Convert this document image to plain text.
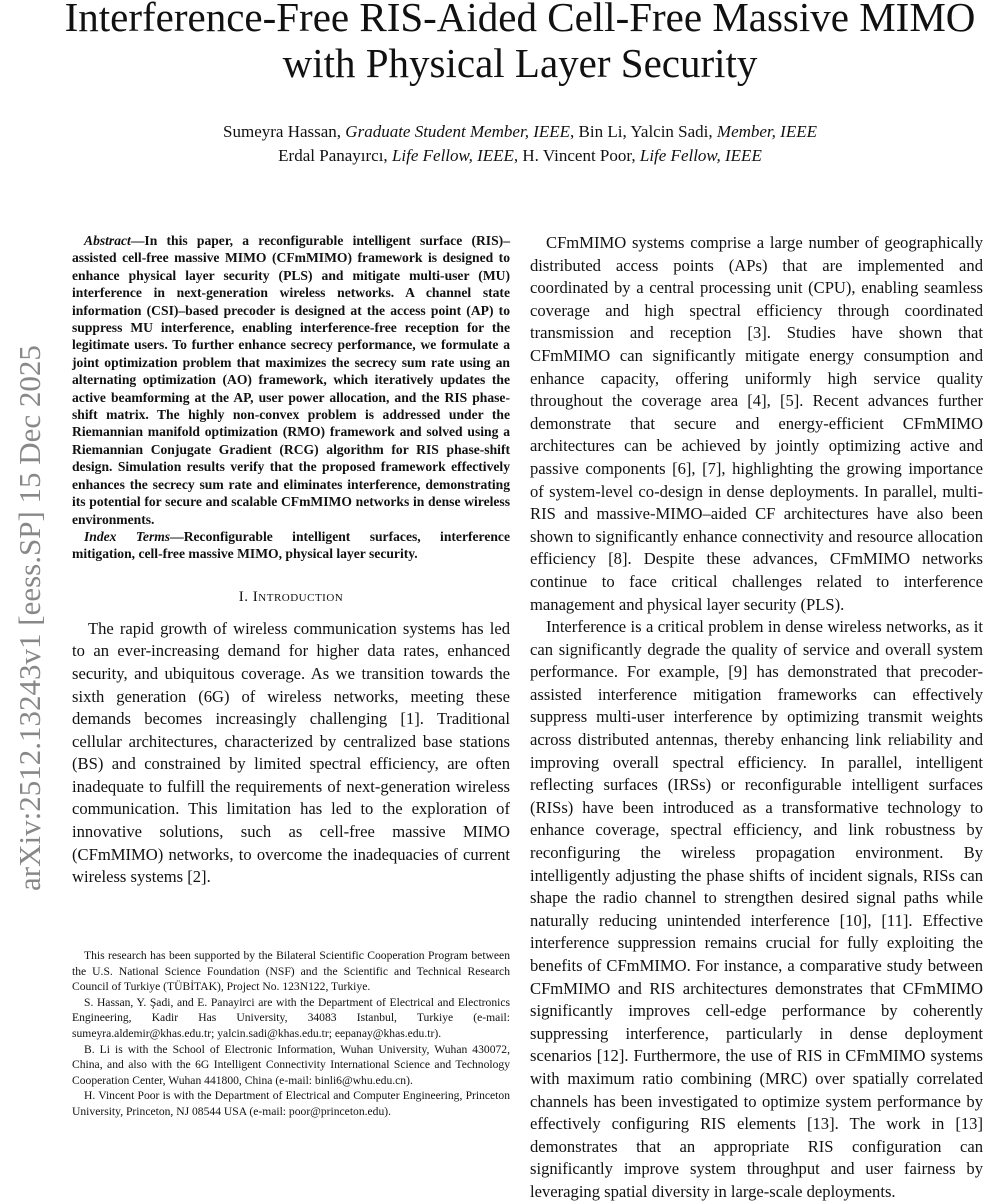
arXiv:2512.13243v1 [eess.SP] 15 Dec 2025
Interference-Free RIS-Aided Cell-Free Massive MIMO with Physical Layer Security
Sumeyra Hassan, Graduate Student Member, IEEE, Bin Li, Yalcin Sadi, Member, IEEE
Erdal Panayırcı, Life Fellow, IEEE, H. Vincent Poor, Life Fellow, IEEE

Abstract—In this paper, a reconfigurable intelligent surface (RIS)–assisted cell-free massive MIMO (CFmMIMO) framework is designed to enhance physical layer security (PLS) and mitigate multi-user (MU) interference in next-generation wireless networks. A channel state information (CSI)–based precoder is designed at the access point (AP) to suppress MU interference, enabling interference-free reception for the legitimate users. To further enhance secrecy performance, we formulate a joint optimization problem that maximizes the secrecy sum rate using an alternating optimization (AO) framework, which iteratively updates the active beamforming at the AP, user power allocation, and the RIS phase-shift matrix. The highly non-convex problem is addressed under the Riemannian manifold optimization (RMO) framework and solved using a Riemannian Conjugate Gradient (RCG) algorithm for RIS phase-shift design. Simulation results verify that the proposed framework effectively enhances the secrecy sum rate and eliminates interference, demonstrating its potential for secure and scalable CFmMIMO networks in dense wireless environments.

Index Terms—Reconfigurable intelligent surfaces, interference mitigation, cell-free massive MIMO, physical layer security.

I. Introduction

The rapid growth of wireless communication systems has led to an ever-increasing demand for higher data rates, enhanced security, and ubiquitous coverage. As we transition towards the sixth generation (6G) of wireless networks, meeting these demands becomes increasingly challenging [1]. Traditional cellular architectures, characterized by centralized base stations (BS) and constrained by limited spectral efficiency, are often inadequate to fulfill the requirements of next-generation wireless communication. This limitation has led to the exploration of innovative solutions, such as cell-free massive MIMO (CFmMIMO) networks, to overcome the inadequacies of current wireless systems [2].

This research has been supported by the Bilateral Scientific Cooperation Program between the U.S. National Science Foundation (NSF) and the Scientific and Technical Research Council of Turkiye (TÜBİTAK), Project No. 123N122, Turkiye.

S. Hassan, Y. Şadi, and E. Panayirci are with the Department of Electrical and Electronics Engineering, Kadir Has University, 34083 Istanbul, Turkiye (e-mail: sumeyra.aldemir@khas.edu.tr; yalcin.sadi@khas.edu.tr; eepanay@khas.edu.tr).

B. Li is with the School of Electronic Information, Wuhan University, Wuhan 430072, China, and also with the 6G Intelligent Connectivity International Science and Technology Cooperation Center, Wuhan 441800, China (e-mail: binli6@whu.edu.cn).

H. Vincent Poor is with the Department of Electrical and Computer Engineering, Princeton University, Princeton, NJ 08544 USA (e-mail: poor@princeton.edu).

CFmMIMO systems comprise a large number of geographically distributed access points (APs) that are implemented and coordinated by a central processing unit (CPU), enabling seamless coverage and high spectral efficiency through coordinated transmission and reception [3]. Studies have shown that CFmMIMO can significantly mitigate energy consumption and enhance capacity, offering uniformly high service quality throughout the coverage area [4], [5]. Recent advances further demonstrate that secure and energy-efficient CFmMIMO architectures can be achieved by jointly optimizing active and passive components [6], [7], highlighting the growing importance of system-level co-design in dense deployments. In parallel, multi-RIS and massive-MIMO–aided CF architectures have also been shown to significantly enhance connectivity and resource allocation efficiency [8]. Despite these advances, CFmMIMO networks continue to face critical challenges related to interference management and physical layer security (PLS).

Interference is a critical problem in dense wireless networks, as it can significantly degrade the quality of service and overall system performance. For example, [9] has demonstrated that precoder-assisted interference mitigation frameworks can effectively suppress multi-user interference by optimizing transmit weights across distributed antennas, thereby enhancing link reliability and improving overall spectral efficiency. In parallel, intelligent reflecting surfaces (IRSs) or reconfigurable intelligent surfaces (RISs) have been introduced as a transformative technology to enhance coverage, spectral efficiency, and link robustness by reconfiguring the wireless propagation environment. By intelligently adjusting the phase shifts of incident signals, RISs can shape the radio channel to strengthen desired signal paths while naturally reducing unintended interference [10], [11]. Effective interference suppression remains crucial for fully exploiting the benefits of CFmMIMO. For instance, a comparative study between CFmMIMO and RIS architectures demonstrates that CFmMIMO significantly improves cell-edge performance by coherently suppressing interference, particularly in dense deployment scenarios [12]. Furthermore, the use of RIS in CFmMIMO systems with maximum ratio combining (MRC) over spatially correlated channels has been investigated to optimize system performance by effectively configuring RIS elements [13]. The work in [13] demonstrates that an appropriate RIS configuration can significantly improve system throughput and user fairness by leveraging spatial diversity in large-scale deployments.
